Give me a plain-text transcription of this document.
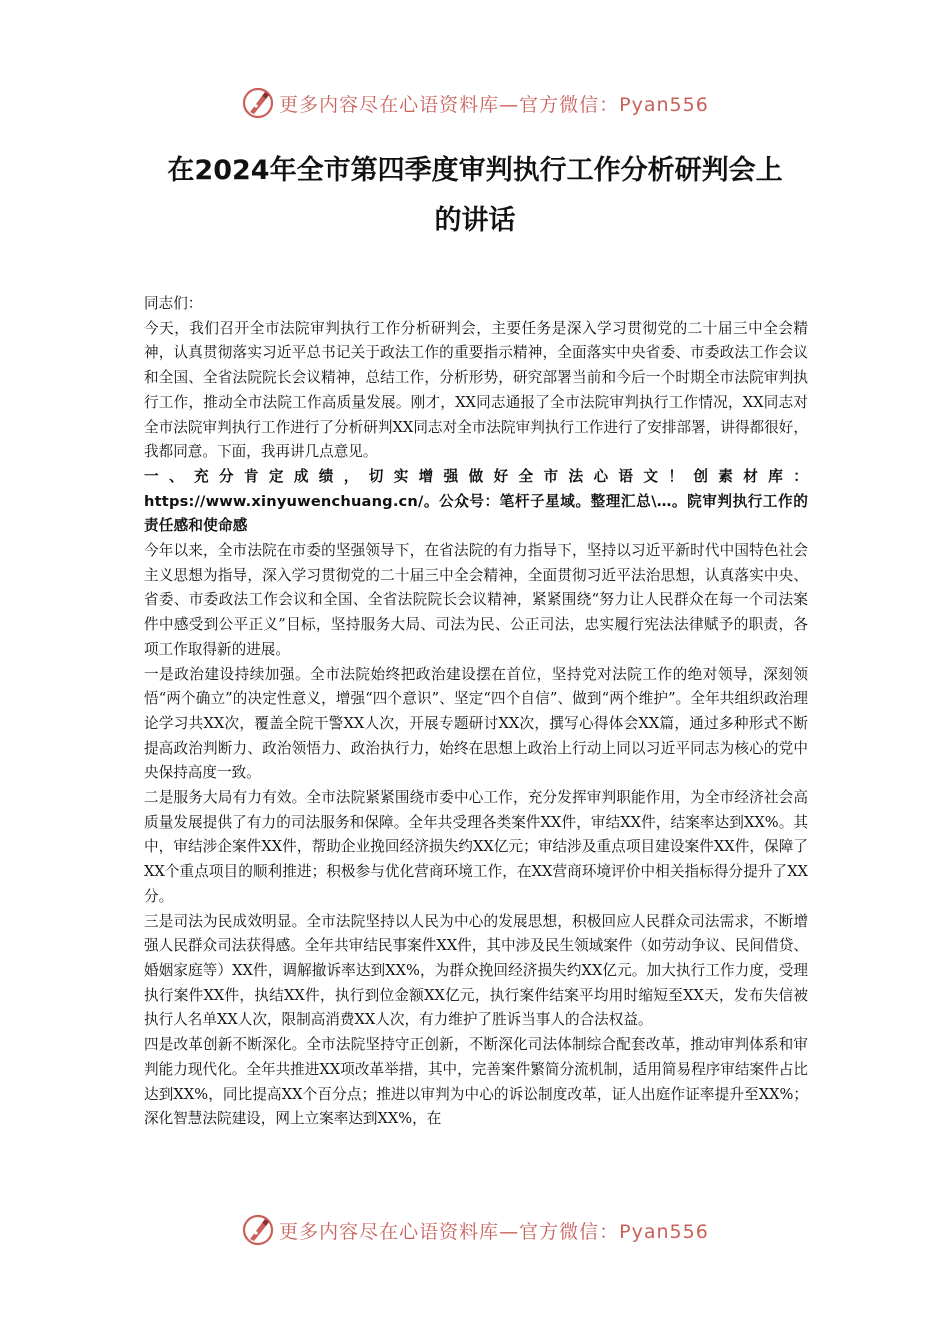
更多内容尽在心语资料库—官方微信：Pyan556
在2024年全市第四季度审判执行工作分析研判会上
的讲话

同志们：

今天，我们召开全市法院审判执行工作分析研判会，主要任务是深入学习贯彻党的二十届三中全会精神，认真贯彻落实习近平总书记关于政法工作的重要指示精神，全面落实中央省委、市委政法工作会议和全国、全省法院院长会议精神，总结工作，分析形势，研究部署当前和今后一个时期全市法院审判执行工作，推动全市法院工作高质量发展。刚才，XX同志通报了全市法院审判执行工作情况，XX同志对全市法院审判执行工作进行了分析研判XX同志对全市法院审判执行工作进行了安排部署，讲得都很好，我都同意。下面，我再讲几点意见。

一、充分肯定成绩，切实增强做好全市法心语文！创素材库：https://www.xinyuwenchuang.cn/。公众号：笔杆子星域。整理汇总\…。院审判执行工作的责任感和使命感

今年以来，全市法院在市委的坚强领导下，在省法院的有力指导下，坚持以习近平新时代中国特色社会主义思想为指导，深入学习贯彻党的二十届三中全会精神，全面贯彻习近平法治思想，认真落实中央、省委、市委政法工作会议和全国、全省法院院长会议精神，紧紧围绕“努力让人民群众在每一个司法案件中感受到公平正义”目标，坚持服务大局、司法为民、公正司法，忠实履行宪法法律赋予的职责，各项工作取得新的进展。

一是政治建设持续加强。全市法院始终把政治建设摆在首位，坚持党对法院工作的绝对领导，深刻领悟“两个确立”的决定性意义，增强“四个意识”、坚定“四个自信”、做到“两个维护”。全年共组织政治理论学习共XX次，覆盖全院干警XX人次，开展专题研讨XX次，撰写心得体会XX篇，通过多种形式不断提高政治判断力、政治领悟力、政治执行力，始终在思想上政治上行动上同以习近平同志为核心的党中央保持高度一致。

二是服务大局有力有效。全市法院紧紧围绕市委中心工作，充分发挥审判职能作用，为全市经济社会高质量发展提供了有力的司法服务和保障。全年共受理各类案件XX件，审结XX件，结案率达到XX%。其中，审结涉企案件XX件，帮助企业挽回经济损失约XX亿元；审结涉及重点项目建设案件XX件，保障了XX个重点项目的顺利推进；积极参与优化营商环境工作，在XX营商环境评价中相关指标得分提升了XX分。

三是司法为民成效明显。全市法院坚持以人民为中心的发展思想，积极回应人民群众司法需求，不断增强人民群众司法获得感。全年共审结民事案件XX件，其中涉及民生领域案件（如劳动争议、民间借贷、婚姻家庭等）XX件，调解撤诉率达到XX%，为群众挽回经济损失约XX亿元。加大执行工作力度，受理执行案件XX件，执结XX件，执行到位金额XX亿元，执行案件结案平均用时缩短至XX天，发布失信被执行人名单XX人次，限制高消费XX人次，有力维护了胜诉当事人的合法权益。

四是改革创新不断深化。全市法院坚持守正创新，不断深化司法体制综合配套改革，推动审判体系和审判能力现代化。全年共推进XX项改革举措，其中，完善案件繁简分流机制，适用简易程序审结案件占比达到XX%，同比提高XX个百分点；推进以审判为中心的诉讼制度改革，证人出庭作证率提升至XX%；深化智慧法院建设，网上立案率达到XX%，在

更多内容尽在心语资料库—官方微信：Pyan556
